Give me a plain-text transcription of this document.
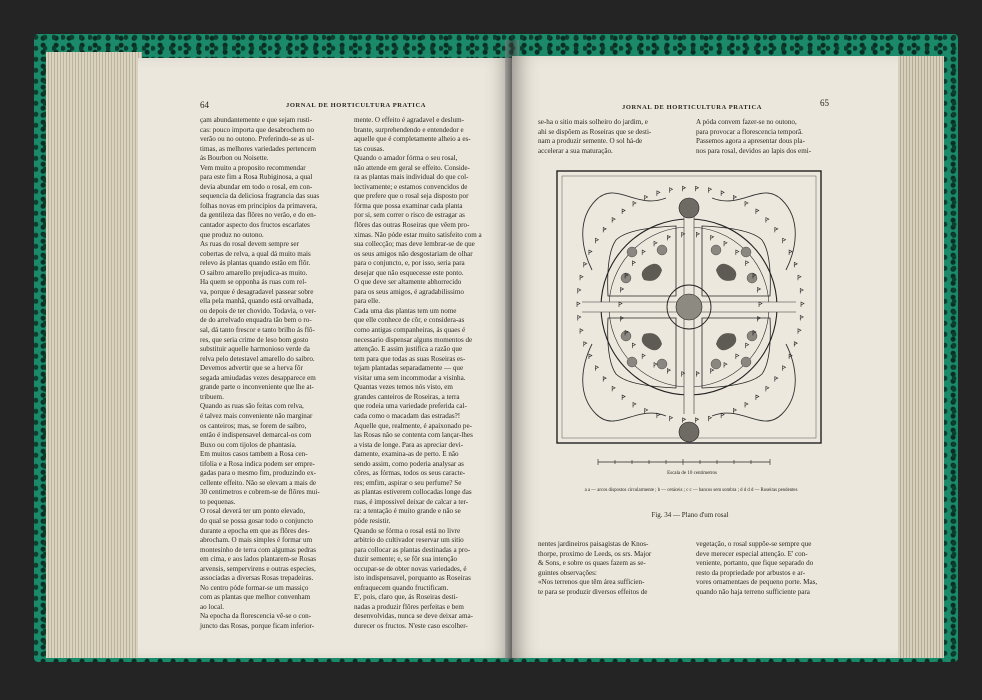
64	JORNAL DE HORTICULTURA PRATICA

çam abundantemente e que sejam rusti-

cas: pouco importa que desabrochem no

verão ou no outono. Preferindo-se as ul-

timas, as melhores variedades pertencem

ás Bourbon ou Noisette.

Vem muito a proposito recommendar

para este fim a Rosa Rubiginosa, a qual

devia abundar em todo o rosal, em con-

sequencia da deliciosa fragrancia das suas

folhas novas em principios da primavera,

da gentileza das flôres no verão, e do en-

cantador aspecto dos fructos escarlates

que produz no outono.

As ruas do rosal devem sempre ser

cobertas de relva, a qual dá muito mais

relevo ás plantas quando estão em flôr.

O saibro amarello prejudica-as muito.

Ha quem se opponha ás ruas com rel-

va, porque é desagradavel passear sobre

ella pela manhã, quando está orvalhada,

ou depois de ter chovido. Todavia, o ver-

de do arrelvado enquadra tão bem o ro-

sal, dá tanto frescor e tanto brilho ás flô-

res, que seria crime de leso bom gosto

substituir aquelle harmonioso verde da

relva pelo detestavel amarello do saibro.

Devemos advertir que se a herva fôr

segada amiudadas vezes desapparece em

grande parte o inconveniente que lhe at-

tribuem.

Quando as ruas são feitas com relva,

é talvez mais conveniente não marginar

os canteiros; mas, se forem de saibro,

então é indispensavel demarcal-os com

Buxo ou com tijolos de phantasia.

Em muitos casos tambem a Rosa cen-

tifolia e a Rosa indica podem ser empre-

gadas para o mesmo fim, produzindo ex-

cellente effeito. Não se elevam a mais de

30 centimetros e cobrem-se de flôres mui-

to pequenas.

O rosal deverá ter um ponto elevado,

do qual se possa gosar todo o conjuncto

durante a epocha em que as flôres des-

abrocham. O mais simples é formar um

montesinho de terra com algumas pedras

em cima, e aos lados plantarem-se Rosas

arvensis, sempervirens e outras especies,

associadas a diversas Rosas trepadeiras.

No centro póde formar-se um massiço

com as plantas que melhor convenham

ao local.

Na epocha da florescencia vê-se o con-

juncto das Rosas, porque ficam inferior-

mente. O effeito é agradavel e deslum-

brante, surprehendendo e entendedor e

aquelle que é completamente alheio a es-

tas cousas.

Quando o amador fórma o seu rosal,

não attende em geral se effeito. Conside-

ra as plantas mais individual do que col-

lectivamente; e estamos convencidos de

que prefere que o rosal seja disposto por

fórma que possa examinar cada planta

por si, sem correr o risco de estragar as

flôres das outras Roseiras que vêem pro-

ximas. Não póde estar muito satisfeito com a

sua collecção; mas deve lembrar-se de que

os seus amigos não desgostariam de olhar

para o conjuncto, e, por isso, seria para

desejar que não esquecesse este ponto.

O que deve ser altamente abhorrecido

para os seus amigos, é agradabilissimo

para elle.

Cada uma das plantas tem um nome

que elle conhece de côr, e considera-as

como antigas companheiras, ás quaes é

necessario dispensar alguns momentos de

attenção. E assim justifica a razão que

tem para que todas as suas Roseiras es-

tejam plantadas separadamente — que

visitar uma sem incommodar a visinha.

Quantas vezes temos nós visto, em

grandes canteiros de Roseiras, a terra

que rodeia uma variedade preferida cal-

cada como o macadam das estradas?!

Aquelle que, realmente, é apaixonado pe-

las Rosas não se contenta com lançar-lhes

a vista de longe. Para as apreciar devi-

damente, examina-as de perto. E não

sendo assim, como poderia analysar as

côres, as fórmas, todos os seus caracte-

res; emfim, aspirar o seu perfume? Se

as plantas estiverem collocadas longe das

ruas, é impossivel deixar de calcar a ter-

ra: a tentação é muito grande e não se

póde resistir.

Quando se fórma o rosal está no livre

arbitrio do cultivador reservar um sitio

para collocar as plantas destinadas a pro-

duzir semente; e, se fôr sua intenção

occupar-se de obter novas variedades, é

isto indispensavel, porquanto as Roseiras

enfraquecem quando fructificam.

E', pois, claro que, ás Roseiras desti-

nadas a produzir flôres perfeitas e bem

desenvolvidas, nunca se deve deixar ama-

durecer os fructos. N'este caso escolher-

JORNAL DE HORTICULTURA PRATICA	65

se-ha o sitio mais solheiro do jardim, e

ahi se dispõem as Roseiras que se desti-

nam a produzir semente. O sol há-de

accelerar a sua maturação.

A póda convem fazer-se no outono,

para provocar a florescencia temporã.

Passemos agora a apresentar dous pla-

nos para rosal, devidos ao lapis dos emi-

nentes jardineiros paisagistas de Knos-

thorpe, proximo de Leeds, os srs. Major

& Sons, e sobre os quaes fazem as se-

guintes observações:

«Nos terrenos que têm área sufficien-

te para se produzir diversos effeitos de

vegetação, o rosal suppõe-se sempre que

deve merecer especial attenção. E' con-

veniente, portanto, que fique separado do

resto da propriedade por arbustos e ar-

vores ornamentaes de pequeno porte. Mas,

quando não haja terreno sufficiente para

Escala de 10 centimetros
a a — arcos dispostos circularmente ; b — cetáceis ; c c — bancos sem sombra ; d d d d — Roseiras pendentes
Fig. 34 — Plano d'um rosal
